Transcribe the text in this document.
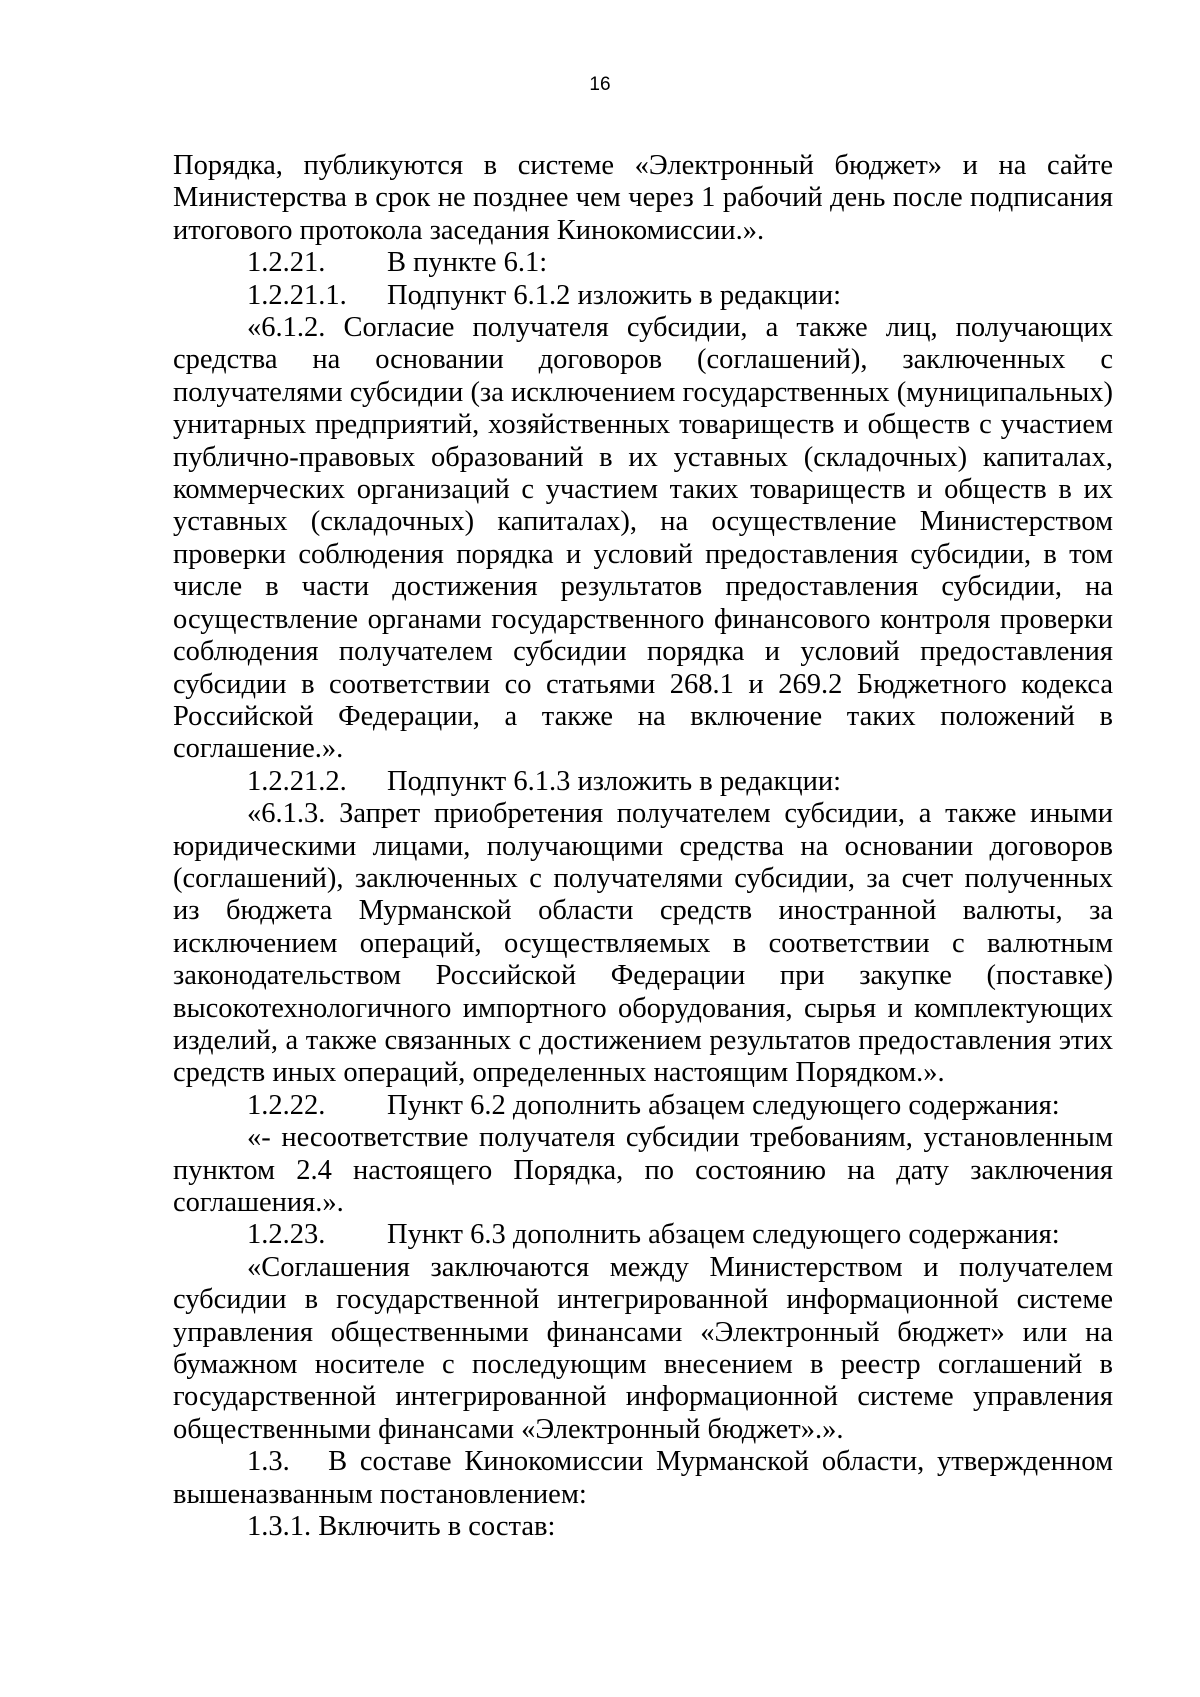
16

Порядка, публикуются в системе «Электронный бюджет» и на сайте Министерства в срок не позднее чем через 1 рабочий день после подписания итогового протокола заседания Кинокомиссии.».

1.2.21.	В пункте 6.1:

1.2.21.1.	Подпункт 6.1.2 изложить в редакции:

«6.1.2. Согласие получателя субсидии, а также лиц, получающих средства на основании договоров (соглашений), заключенных с получателями субсидии (за исключением государственных (муниципальных) унитарных предприятий, хозяйственных товариществ и обществ с участием публично-правовых образований в их уставных (складочных) капиталах, коммерческих организаций с участием таких товариществ и обществ в их уставных (складочных) капиталах), на осуществление Министерством проверки соблюдения порядка и условий предоставления субсидии, в том числе в части достижения результатов предоставления субсидии, на осуществление органами государственного финансового контроля проверки соблюдения получателем субсидии порядка и условий предоставления субсидии в соответствии со статьями 268.1 и 269.2 Бюджетного кодекса Российской Федерации, а также на включение таких положений в соглашение.».

1.2.21.2.	Подпункт 6.1.3 изложить в редакции:

«6.1.3. Запрет приобретения получателем субсидии, а также иными юридическими лицами, получающими средства на основании договоров (соглашений), заключенных с получателями субсидии, за счет полученных из бюджета Мурманской области средств иностранной валюты, за исключением операций, осуществляемых в соответствии с валютным законодательством Российской Федерации при закупке (поставке) высокотехнологичного импортного оборудования, сырья и комплектующих изделий, а также связанных с достижением результатов предоставления этих средств иных операций, определенных настоящим Порядком.».

1.2.22.	Пункт 6.2 дополнить абзацем следующего содержания:

«- несоответствие получателя субсидии требованиям, установленным пунктом 2.4 настоящего Порядка, по состоянию на дату заключения соглашения.».

1.2.23.	Пункт 6.3 дополнить абзацем следующего содержания:

«Соглашения заключаются между Министерством и получателем субсидии в государственной интегрированной информационной системе управления общественными финансами «Электронный бюджет» или на бумажном носителе с последующим внесением в реестр соглашений в государственной интегрированной информационной системе управления общественными финансами «Электронный бюджет».».

1.3.   В составе Кинокомиссии Мурманской области, утвержденном вышеназванным постановлением:

1.3.1. Включить в состав:
